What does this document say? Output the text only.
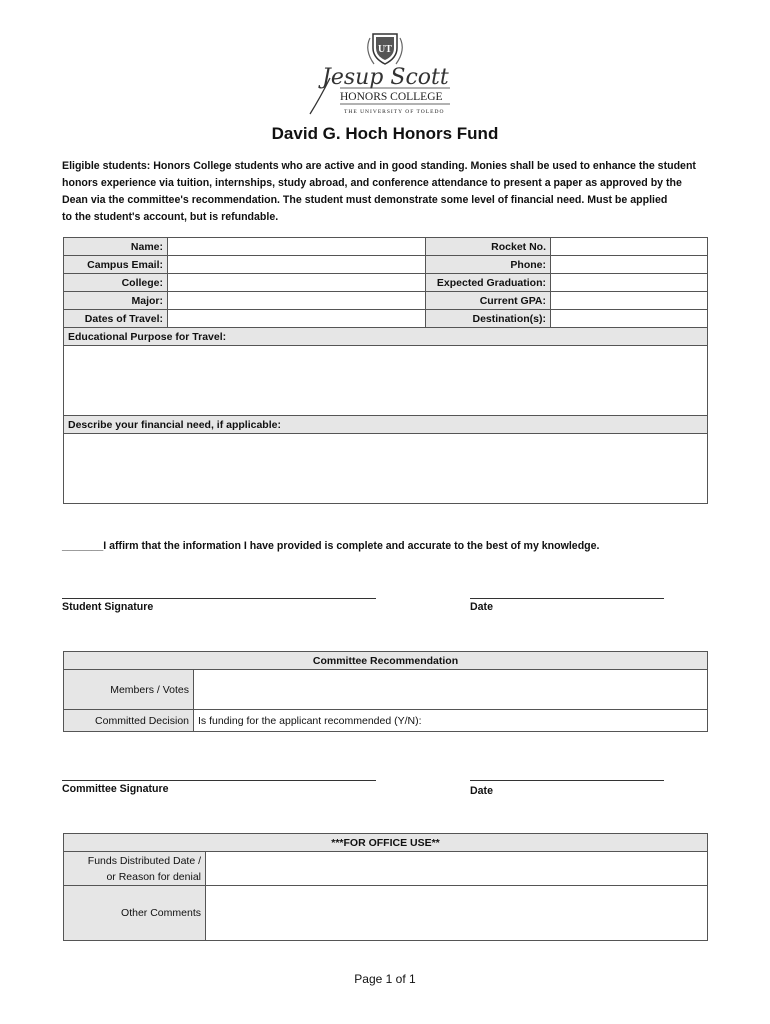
UT
Jesup Scott
HONORS COLLEGE
THE UNIVERSITY OF TOLEDO
David G. Hoch Honors Fund
Eligible students: Honors College students who are active and in good standing. Monies shall be used to enhance the student
honors experience via tuition, internships, study abroad, and conference attendance to present a paper as approved by the
Dean via the committee's recommendation. The student must demonstrate some level of financial need. Must be applied
to the student's account, but is refundable.
Name:		Rocket No.	
Campus Email:		Phone:	
College:		Expected Graduation:	
Major:		Current GPA:	
Dates of Travel:		Destination(s):	
Educational Purpose for Travel:			

Describe your financial need, if applicable:			

_______I affirm that the information I have provided is complete and accurate to the best of my knowledge.
Student Signature	Date
Committee Recommendation	
Members / Votes	
Committed Decision	Is funding for the applicant recommended (Y/N):
Committee Signature	Date
***FOR OFFICE USE**	

Funds Distributed Date /
or Reason for denial	

Other Comments	
Page 1 of 1
